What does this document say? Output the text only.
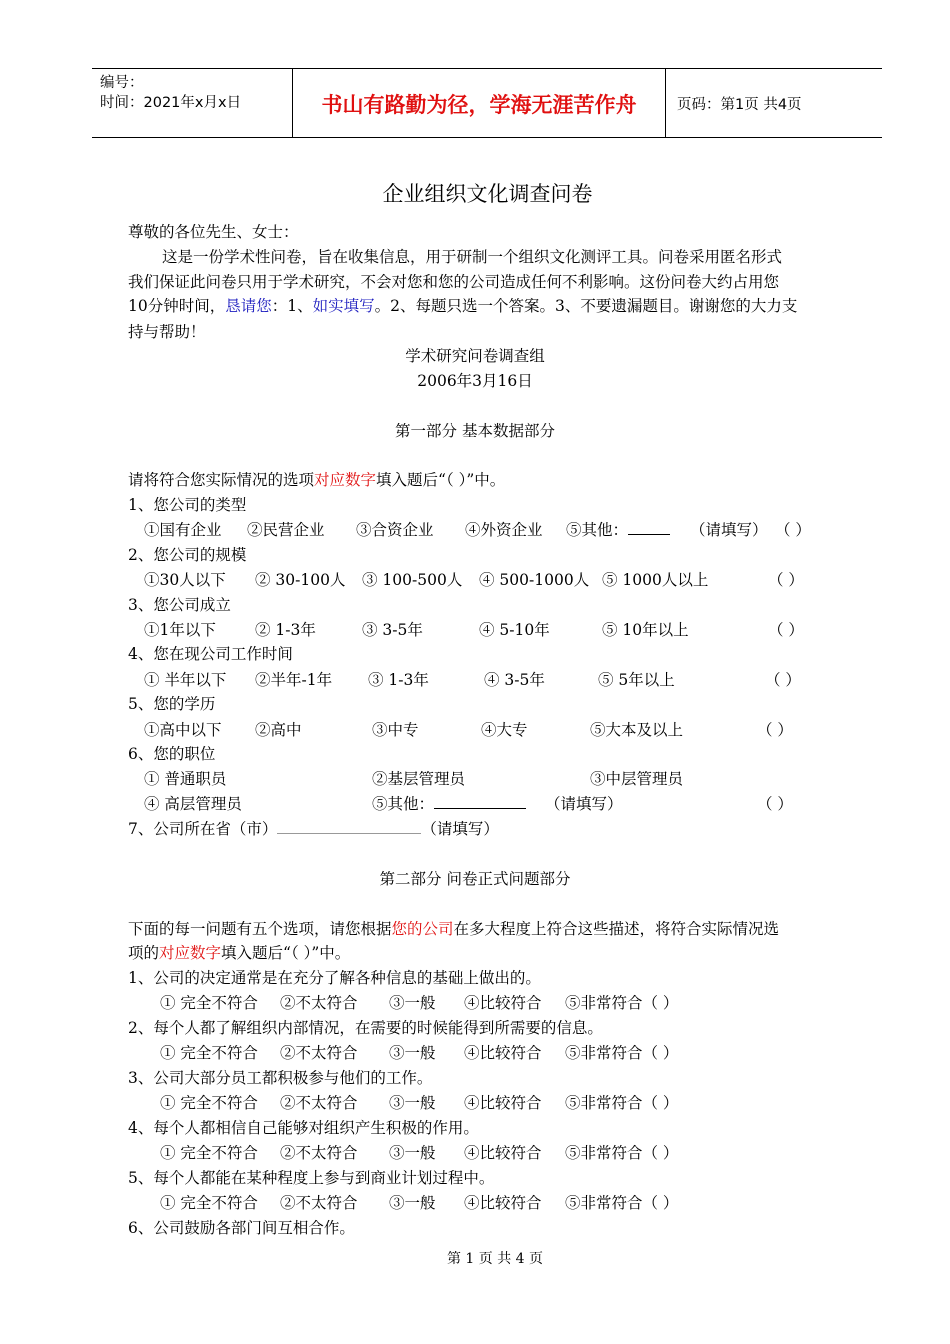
编号：
时间：2021年x月x日	书山有路勤为径，学海无涯苦作舟	页码：第1页 共4页
企业组织文化调查问卷
尊敬的各位先生、女士：
这是一份学术性问卷，旨在收集信息，用于研制一个组织文化测评工具。问卷采用匿名形式
我们保证此问卷只用于学术研究，不会对您和您的公司造成任何不利影响。这份问卷大约占用您
10分钟时间，恳请您：1、如实填写。2、每题只选一个答案。3、不要遗漏题目。谢谢您的大力支
持与帮助！
学术研究问卷调查组
2006年3月16日
第一部分 基本数据部分
请将符合您实际情况的选项对应数字填入题后“（ ）”中。
1、您公司的类型
①国有企业 ②民营企业 ③合资企业 ④外资企业 ⑤其他：	（请填写） （ ）
2、您公司的规模
①30人以下 ② 30-100人 ③ 100-500人 ④ 500-1000人 ⑤ 1000人以上	（ ）
3、您公司成立
①1年以下	② 1-3年	③ 3-5年	④ 5-10年	⑤ 10年以上	（ ）
4、您在现公司工作时间
① 半年以下 ②半年-1年 ③ 1-3年	④ 3-5年	⑤ 5年以上	（ ）
5、您的学历
①高中以下 ②高中	③中专	④大专	⑤大本及以上	（ ）
6、您的职位
① 普通职员	②基层管理员	③中层管理员
④ 高层管理员	⑤其他：	（请填写）	（ ）
7、公司所在省（市）	（请填写）
第二部分 问卷正式问题部分
下面的每一问题有五个选项，请您根据您的公司在多大程度上符合这些描述，将符合实际情况选
项的对应数字填入题后“（ ）”中。
1、公司的决定通常是在充分了解各种信息的基础上做出的。
① 完全不符合 ②不太符合 ③一般 ④比较符合 ⑤非常符合（ ）
2、每个人都了解组织内部情况，在需要的时候能得到所需要的信息。
① 完全不符合 ②不太符合 ③一般 ④比较符合 ⑤非常符合（ ）
3、公司大部分员工都积极参与他们的工作。
① 完全不符合 ②不太符合 ③一般 ④比较符合 ⑤非常符合（ ）
4、每个人都相信自己能够对组织产生积极的作用。
① 完全不符合 ②不太符合 ③一般 ④比较符合 ⑤非常符合（ ）
5、每个人都能在某种程度上参与到商业计划过程中。
① 完全不符合 ②不太符合 ③一般 ④比较符合 ⑤非常符合（ ）
6、公司鼓励各部门间互相合作。
第 1 页 共 4 页
